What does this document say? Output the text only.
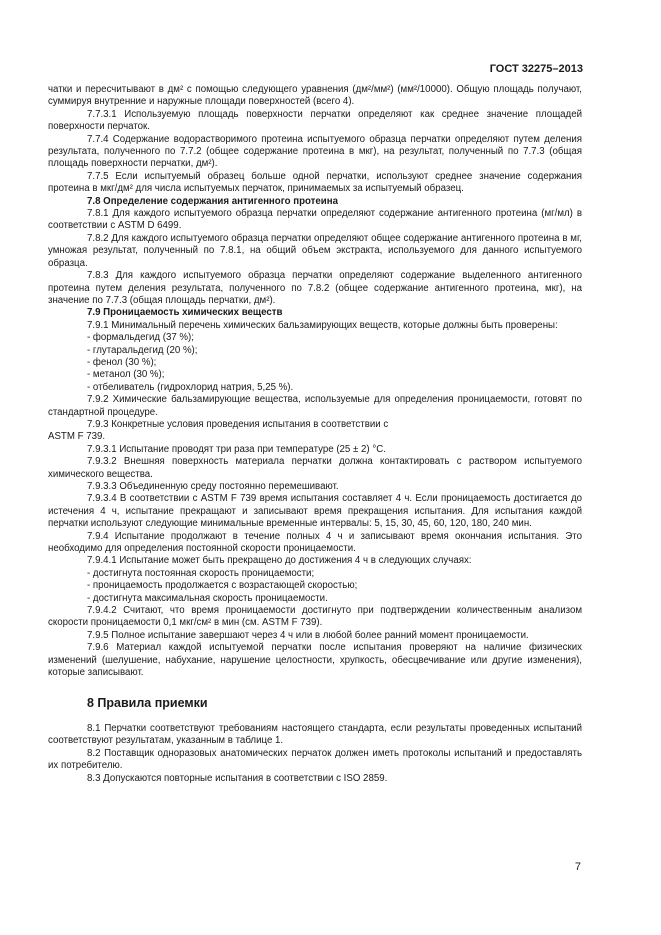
ГОСТ 32275–2013

чатки и пересчитывают в дм² с помощью следующего уравнения (дм²/мм²) (мм²/10000). Общую площадь получают, суммируя внутренние и наружные площади поверхностей (всего 4).

7.7.3.1 Используемую площадь поверхности перчатки определяют как среднее значение площадей поверхности перчаток.

7.7.4 Содержание водорастворимого протеина испытуемого образца перчатки определяют путем деления результата, полученного по 7.7.2 (общее содержание протеина в мкг), на результат, полученный по 7.7.3 (общая площадь поверхности перчатки, дм²).

7.7.5 Если испытуемый образец больше одной перчатки, используют среднее значение содержания протеина в мкг/дм² для числа испытуемых перчаток, принимаемых за испытуемый образец.

7.8 Определение содержания антигенного протеина

7.8.1 Для каждого испытуемого образца перчатки определяют содержание антигенного протеина (мг/мл) в соответствии с ASTM D 6499.

7.8.2 Для каждого испытуемого образца перчатки определяют общее содержание антигенного протеина в мг, умножая результат, полученный по 7.8.1, на общий объем экстракта, используемого для данного испытуемого образца.

7.8.3 Для каждого испытуемого образца перчатки определяют содержание выделенного антигенного протеина путем деления результата, полученного по 7.8.2 (общее содержание антигенного протеина, мкг), на значение по 7.7.3 (общая площадь перчатки, дм²).

7.9 Проницаемость химических веществ

7.9.1 Минимальный перечень химических бальзамирующих веществ, которые должны быть проверены:

- формальдегид (37 %);

- глутаральдегид (20 %);

- фенол (30 %);

- метанол (30 %);

- отбеливатель (гидрохлорид натрия, 5,25 %).

7.9.2 Химические бальзамирующие вещества, используемые для определения проницаемости, готовят по стандартной процедуре.

7.9.3 Конкретные условия проведения испытания в соответствии с

ASTM F 739.

7.9.3.1 Испытание проводят три раза при температуре (25 ± 2) °С.

7.9.3.2 Внешняя поверхность материала перчатки должна контактировать с раствором испытуемого химического вещества.

7.9.3.3 Объединенную среду постоянно перемешивают.

7.9.3.4 В соответствии с ASTM F 739 время испытания составляет 4 ч. Если проницаемость достигается до истечения 4 ч, испытание прекращают и записывают время прекращения испытания. Для испытания каждой перчатки используют следующие минимальные временные интервалы: 5, 15, 30, 45, 60, 120, 180, 240 мин.

7.9.4 Испытание продолжают в течение полных 4 ч и записывают время окончания испытания. Это необходимо для определения постоянной скорости проницаемости.

7.9.4.1 Испытание может быть прекращено до достижения 4 ч в следующих случаях:

- достигнута постоянная скорость проницаемости;

- проницаемость продолжается с возрастающей скоростью;

- достигнута максимальная скорость проницаемости.

7.9.4.2 Считают, что время проницаемости достигнуто при подтверждении количественным анализом скорости проницаемости 0,1 мкг/см² в мин (см. ASTM F 739).

7.9.5 Полное испытание завершают через 4 ч или в любой более ранний момент проницаемости.

7.9.6 Материал каждой испытуемой перчатки после испытания проверяют на наличие физических изменений (шелушение, набухание, нарушение целостности, хрупкость, обесцвечивание или другие изменения), которые записывают.

8 Правила приемки

8.1 Перчатки соответствуют требованиям настоящего стандарта, если результаты проведенных испытаний соответствуют результатам, указанным в таблице 1.

8.2 Поставщик одноразовых анатомических перчаток должен иметь протоколы испытаний и предоставлять их потребителю.

8.3 Допускаются повторные испытания в соответствии с ISO 2859.

7
